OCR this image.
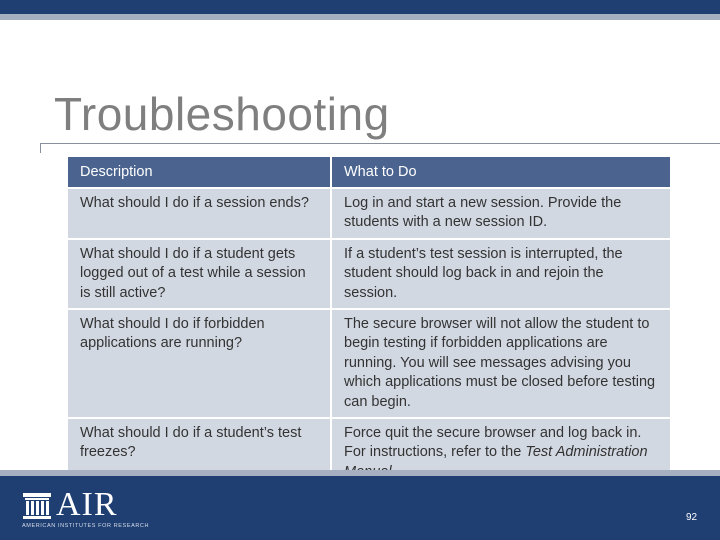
Troubleshooting
Description	What to Do
What should I do if a session ends?	Log in and start a new session. Provide the students with a new session ID.
What should I do if a student gets logged out of a test while a session is still active?	If a student’s test session is interrupted, the student should log back in and rejoin the session.
What should I do if forbidden applications are running?	The secure browser will not allow the student to begin testing if forbidden applications are running. You will see messages advising you which applications must be closed before testing can begin.
What should I do if a student’s test freezes?	Force quit the secure browser and log back in. For instructions, refer to the Test Administration
AIR
AMERICAN INSTITUTES FOR RESEARCH
92
